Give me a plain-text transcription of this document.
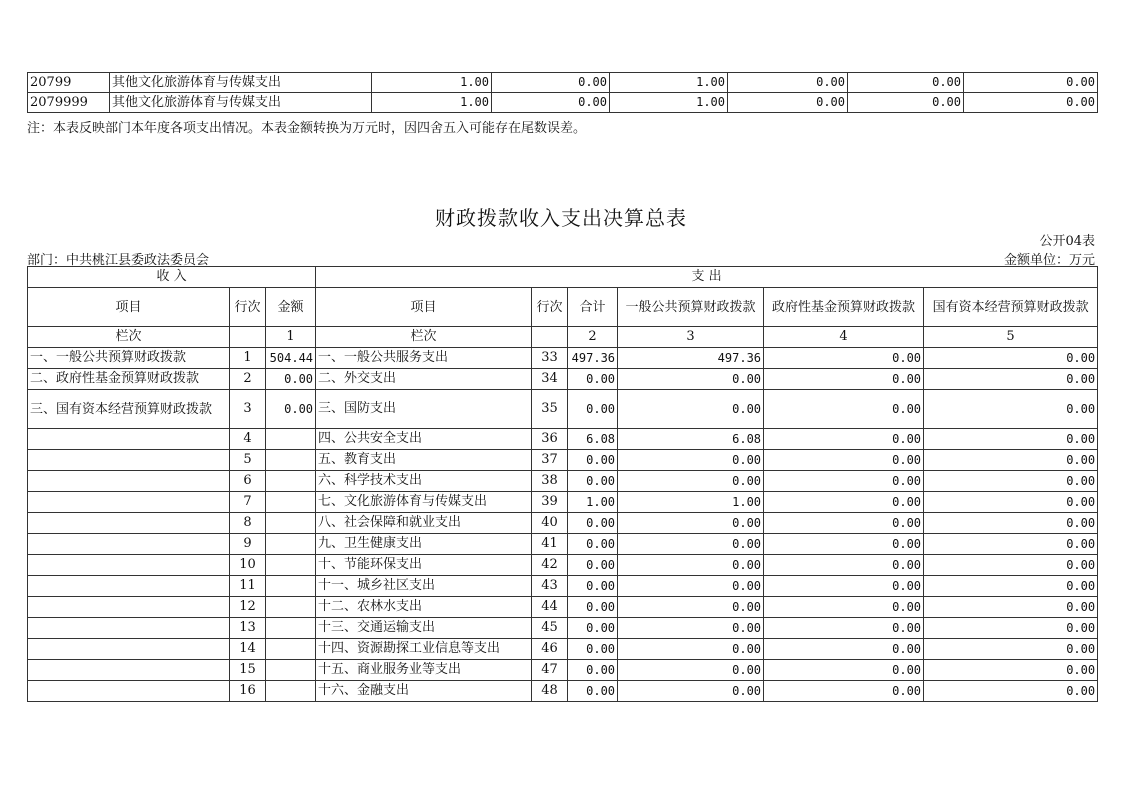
20799	其他文化旅游体育与传媒支出	1.00	0.00	1.00	0.00	0.00	0.00
2079999	其他文化旅游体育与传媒支出	1.00	0.00	1.00	0.00	0.00	0.00
注：本表反映部门本年度各项支出情况。本表金额转换为万元时，因四舍五入可能存在尾数误差。
财政拨款收入支出决算总表
公开04表
部门：中共桃江县委政法委员会	金额单位：万元
收 入			支 出					
项目	行次	金额	项目	行次	合计	一般公共预算财政拨款	政府性基金预算财政拨款	国有资本经营预算财政拨款
栏次		1	栏次		2	3	4	5
一、一般公共预算财政拨款	1	504.44	一、一般公共服务支出	33	497.36	497.36	0.00	0.00
二、政府性基金预算财政拨款	2	0.00	二、外交支出	34	0.00	0.00	0.00	0.00
三、国有资本经营预算财政拨款	3	0.00	三、国防支出	35	0.00	0.00	0.00	0.00
	4		四、公共安全支出	36	6.08	6.08	0.00	0.00
	5		五、教育支出	37	0.00	0.00	0.00	0.00
	6		六、科学技术支出	38	0.00	0.00	0.00	0.00
	7		七、文化旅游体育与传媒支出	39	1.00	1.00	0.00	0.00
	8		八、社会保障和就业支出	40	0.00	0.00	0.00	0.00
	9		九、卫生健康支出	41	0.00	0.00	0.00	0.00
	10		十、节能环保支出	42	0.00	0.00	0.00	0.00
	11		十一、城乡社区支出	43	0.00	0.00	0.00	0.00
	12		十二、农林水支出	44	0.00	0.00	0.00	0.00
	13		十三、交通运输支出	45	0.00	0.00	0.00	0.00
	14		十四、资源勘探工业信息等支出	46	0.00	0.00	0.00	0.00
	15		十五、商业服务业等支出	47	0.00	0.00	0.00	0.00
	16		十六、金融支出	48	0.00	0.00	0.00	0.00
